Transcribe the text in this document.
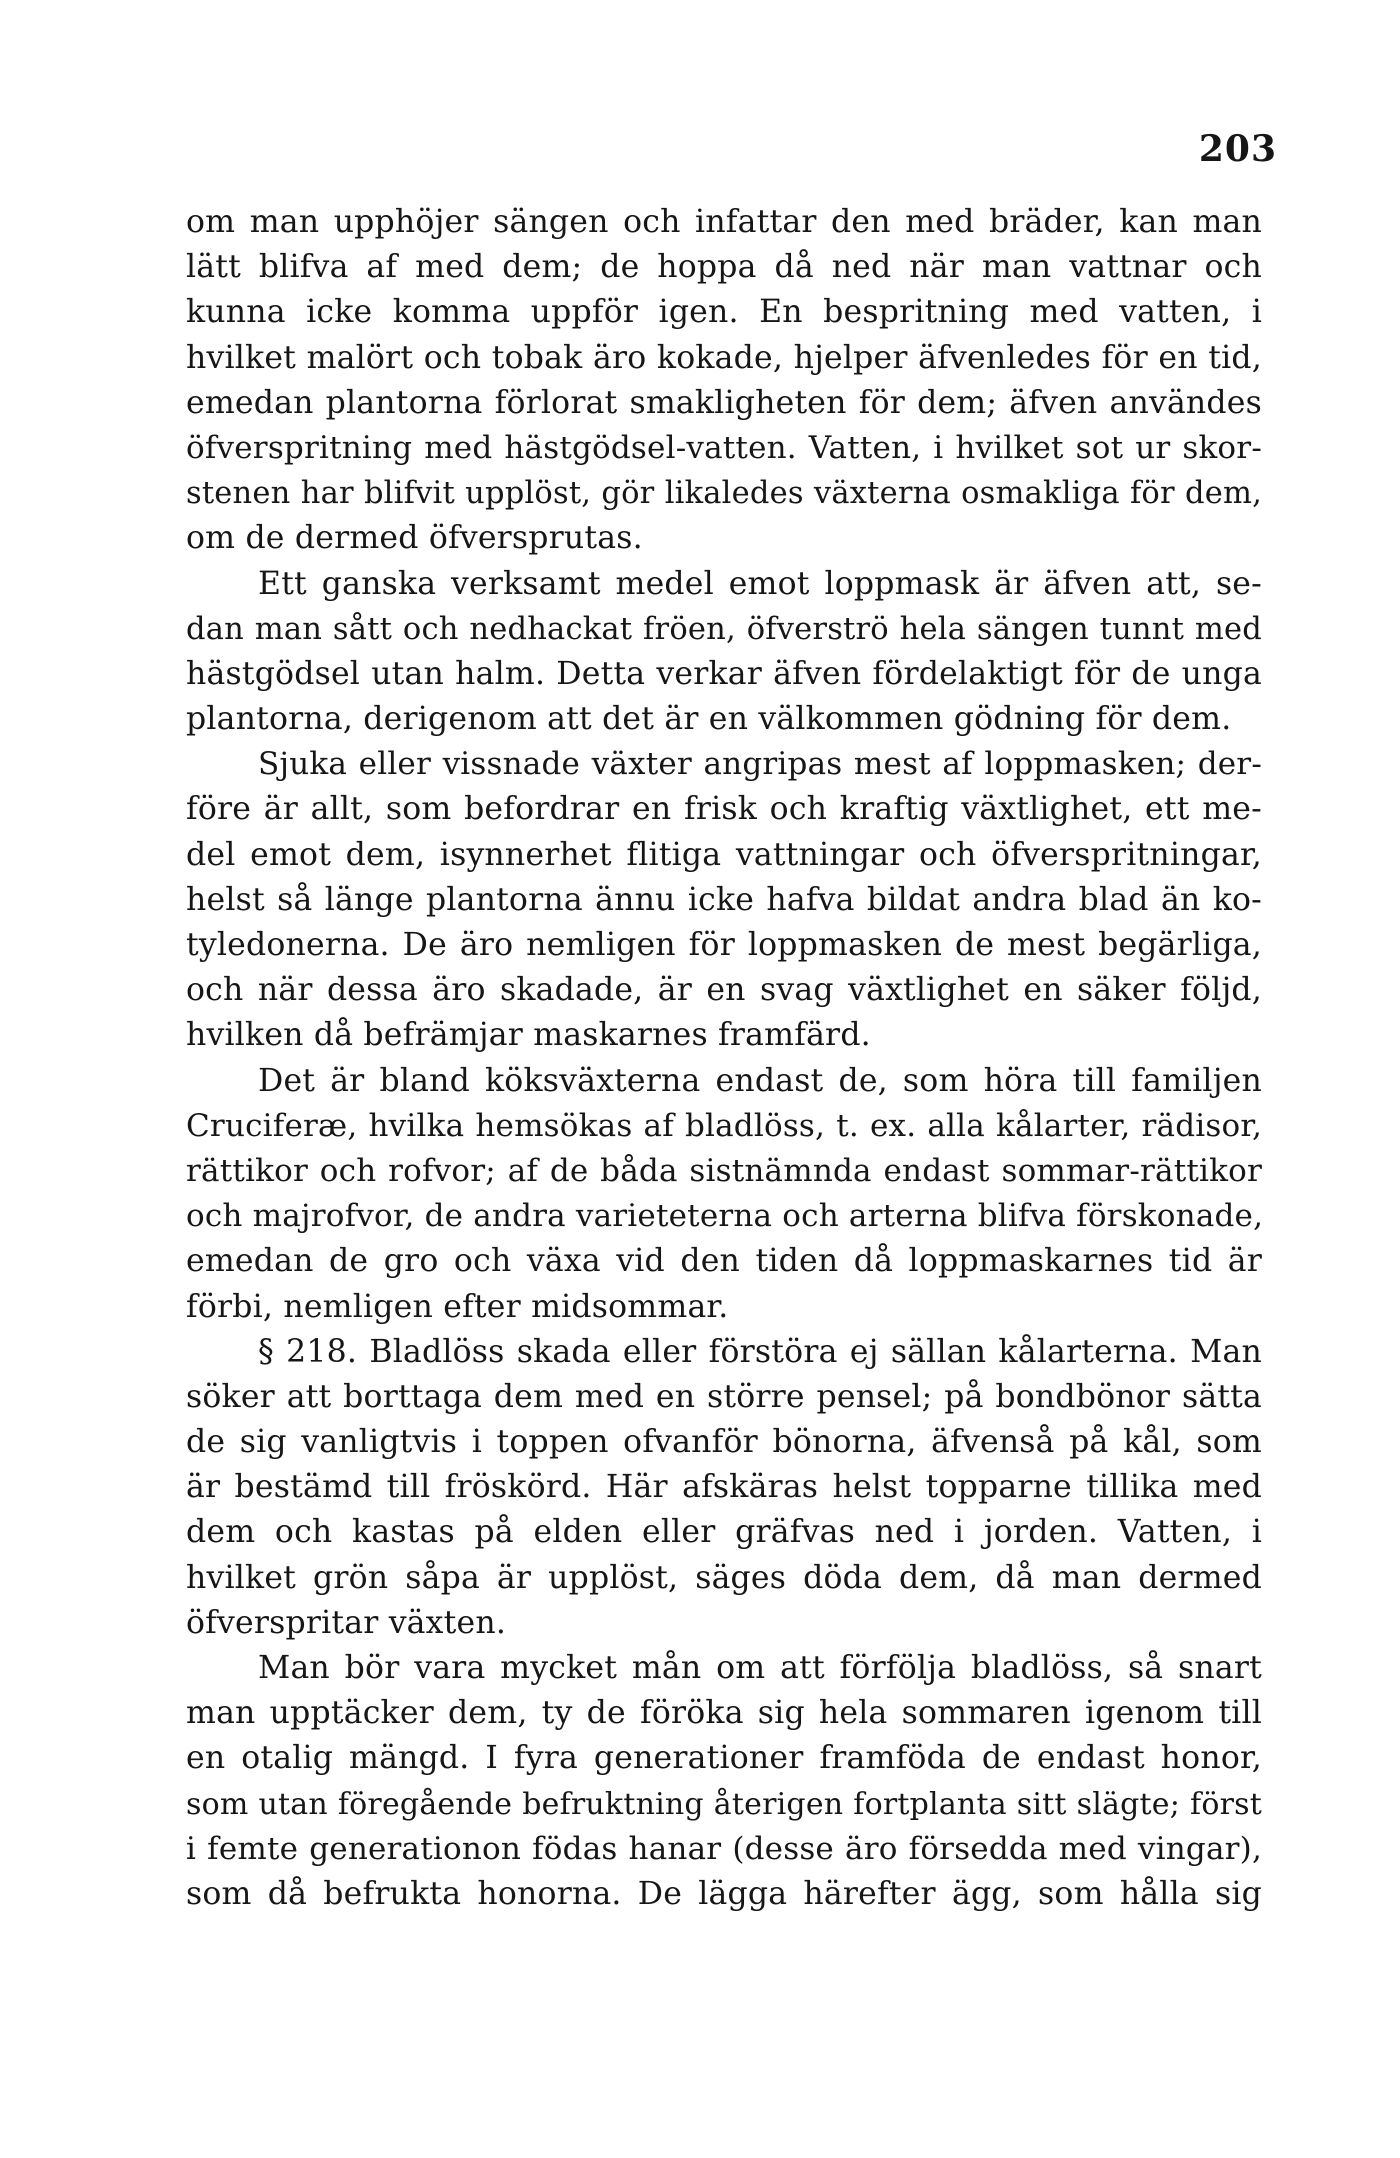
203
om man upphöjer sängen och infattar den med bräder, kan man
lätt blifva af med dem; de hoppa då ned när man vattnar och
kunna icke komma uppför igen. En bespritning med vatten, i
hvilket malört och tobak äro kokade, hjelper äfvenledes för en tid,
emedan plantorna förlorat smakligheten för dem; äfven användes
öfverspritning med hästgödsel-vatten. Vatten, i hvilket sot ur skor-
stenen har blifvit upplöst, gör likaledes växterna osmakliga för dem,
om de dermed öfversprutas.
Ett ganska verksamt medel emot loppmask är äfven att, se-
dan man sått och nedhackat fröen, öfverströ hela sängen tunnt med
hästgödsel utan halm. Detta verkar äfven fördelaktigt för de unga
plantorna, derigenom att det är en välkommen gödning för dem.
Sjuka eller vissnade växter angripas mest af loppmasken; der-
före är allt, som befordrar en frisk och kraftig växtlighet, ett me-
del emot dem, isynnerhet flitiga vattningar och öfverspritningar,
helst så länge plantorna ännu icke hafva bildat andra blad än ko-
tyledonerna. De äro nemligen för loppmasken de mest begärliga,
och när dessa äro skadade, är en svag växtlighet en säker följd,
hvilken då befrämjar maskarnes framfärd.
Det är bland köksväxterna endast de, som höra till familjen
Cruciferæ, hvilka hemsökas af bladlöss, t. ex. alla kålarter, rädisor,
rättikor och rofvor; af de båda sistnämnda endast sommar-rättikor
och majrofvor, de andra varieteterna och arterna blifva förskonade,
emedan de gro och växa vid den tiden då loppmaskarnes tid är
förbi, nemligen efter midsommar.
§ 218. Bladlöss skada eller förstöra ej sällan kålarterna. Man
söker att borttaga dem med en större pensel; på bondbönor sätta
de sig vanligtvis i toppen ofvanför bönorna, äfvenså på kål, som
är bestämd till fröskörd. Här afskäras helst topparne tillika med
dem och kastas på elden eller gräfvas ned i jorden. Vatten, i
hvilket grön såpa är upplöst, säges döda dem, då man dermed
öfverspritar växten.
Man bör vara mycket mån om att förfölja bladlöss, så snart
man upptäcker dem, ty de föröka sig hela sommaren igenom till
en otalig mängd. I fyra generationer framföda de endast honor,
som utan föregående befruktning återigen fortplanta sitt slägte; först
i femte generationon födas hanar (desse äro försedda med vingar),
som då befrukta honorna. De lägga härefter ägg, som hålla sig
